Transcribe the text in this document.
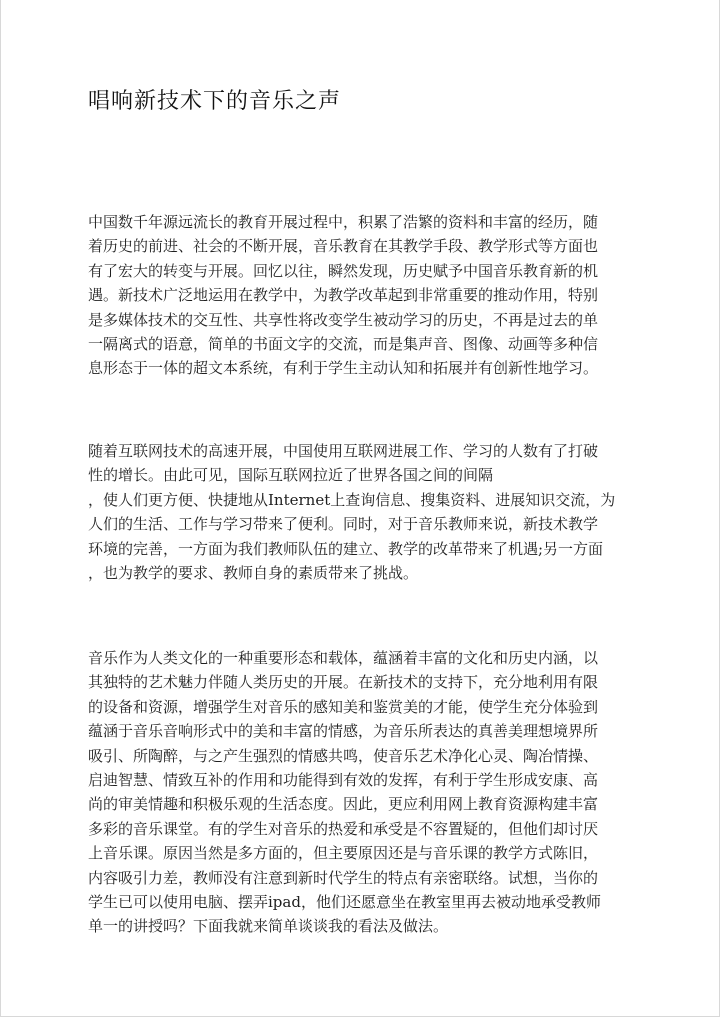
唱响新技术下的音乐之声
中国数千年源远流长的教育开展过程中，积累了浩繁的资料和丰富的经历，随
着历史的前进、社会的不断开展，音乐教育在其教学手段、教学形式等方面也
有了宏大的转变与开展。回忆以往，瞬然发现，历史赋予中国音乐教育新的机
遇。新技术广泛地运用在教学中，为教学改革起到非常重要的推动作用，特别
是多媒体技术的交互性、共享性将改变学生被动学习的历史，不再是过去的单
一隔离式的语意，简单的书面文字的交流，而是集声音、图像、动画等多种信
息形态于一体的超文本系统，有利于学生主动认知和拓展并有创新性地学习。
随着互联网技术的高速开展，中国使用互联网进展工作、学习的人数有了打破
性的增长。由此可见，国际互联网拉近了世界各国之间的间隔
，使人们更方便、快捷地从Internet上查询信息、搜集资料、进展知识交流，为
人们的生活、工作与学习带来了便利。同时，对于音乐教师来说，新技术教学
环境的完善，一方面为我们教师队伍的建立、教学的改革带来了机遇;另一方面
，也为教学的要求、教师自身的素质带来了挑战。
音乐作为人类文化的一种重要形态和载体，蕴涵着丰富的文化和历史内涵，以
其独特的艺术魅力伴随人类历史的开展。在新技术的支持下，充分地利用有限
的设备和资源，增强学生对音乐的感知美和鉴赏美的才能，使学生充分体验到
蕴涵于音乐音响形式中的美和丰富的情感，为音乐所表达的真善美理想境界所
吸引、所陶醉，与之产生强烈的情感共鸣，使音乐艺术净化心灵、陶冶情操、
启迪智慧、情致互补的作用和功能得到有效的发挥，有利于学生形成安康、高
尚的审美情趣和积极乐观的生活态度。因此，更应利用网上教育资源构建丰富
多彩的音乐课堂。有的学生对音乐的热爱和承受是不容置疑的，但他们却讨厌
上音乐课。原因当然是多方面的，但主要原因还是与音乐课的教学方式陈旧，
内容吸引力差，教师没有注意到新时代学生的特点有亲密联络。试想，当你的
学生已可以使用电脑、摆弄ipad，他们还愿意坐在教室里再去被动地承受教师
单一的讲授吗？下面我就来简单谈谈我的看法及做法。
